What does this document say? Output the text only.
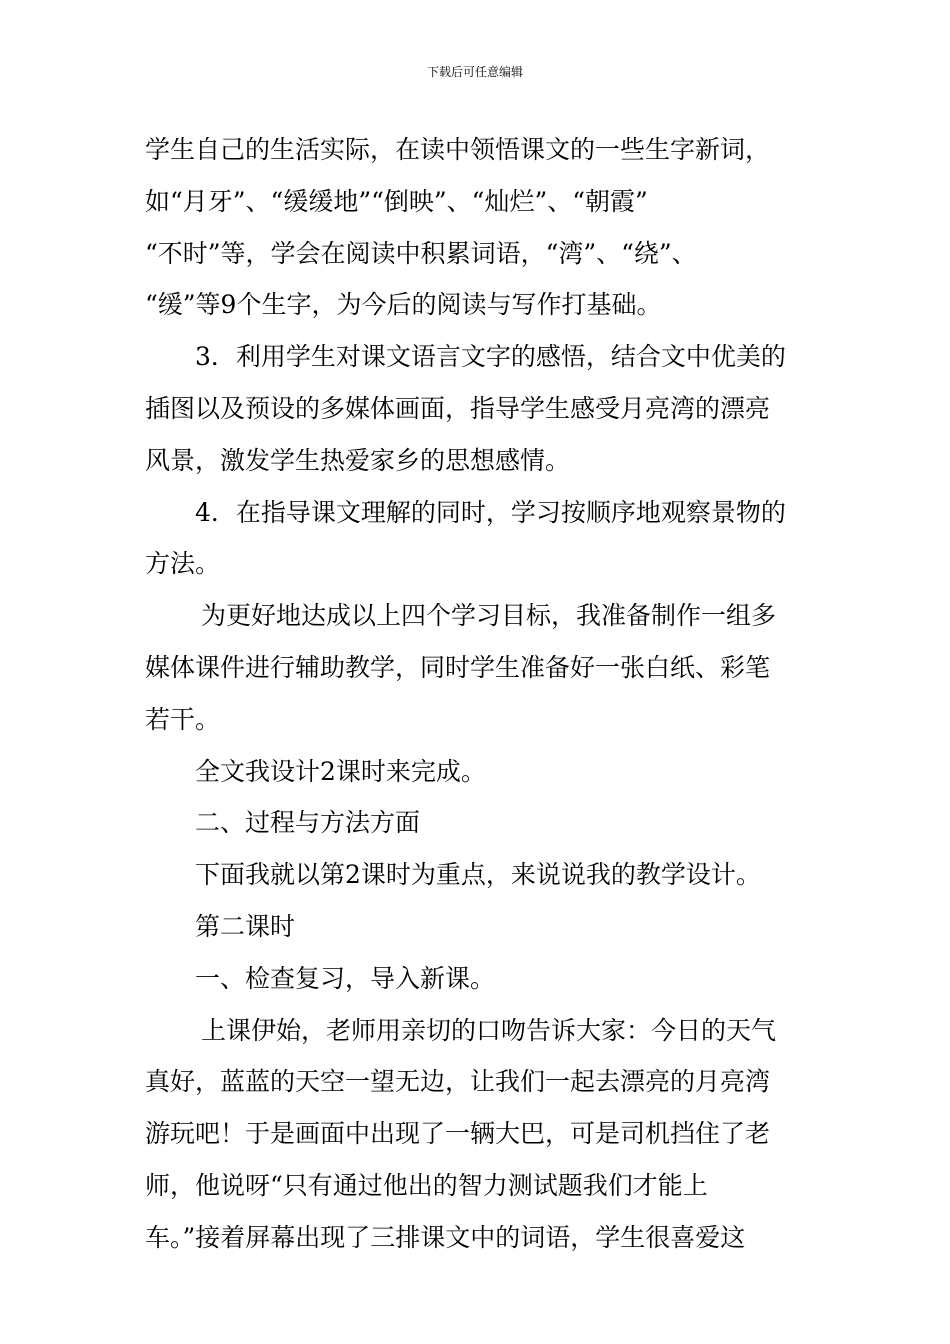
下载后可任意编辑
学生自己的生活实际，在读中领悟课文的一些生字新词，
如“月牙”、“缓缓地”“倒映”、“灿烂”、“朝霞”
“不时”等，学会在阅读中积累词语，“湾”、“绕”、
“缓”等9个生字，为今后的阅读与写作打基础。
3．利用学生对课文语言文字的感悟，结合文中优美的
插图以及预设的多媒体画面，指导学生感受月亮湾的漂亮
风景，激发学生热爱家乡的思想感情。
4．在指导课文理解的同时，学习按顺序地观察景物的
方法。
为更好地达成以上四个学习目标，我准备制作一组多
媒体课件进行辅助教学，同时学生准备好一张白纸、彩笔
若干。
全文我设计2课时来完成。
二、过程与方法方面
下面我就以第2课时为重点，来说说我的教学设计。
第二课时
一、检查复习，导入新课。
上课伊始，老师用亲切的口吻告诉大家：今日的天气
真好，蓝蓝的天空一望无边，让我们一起去漂亮的月亮湾
游玩吧！于是画面中出现了一辆大巴，可是司机挡住了老
师，他说呀“只有通过他出的智力测试题我们才能上
车。”接着屏幕出现了三排课文中的词语，学生很喜爱这
